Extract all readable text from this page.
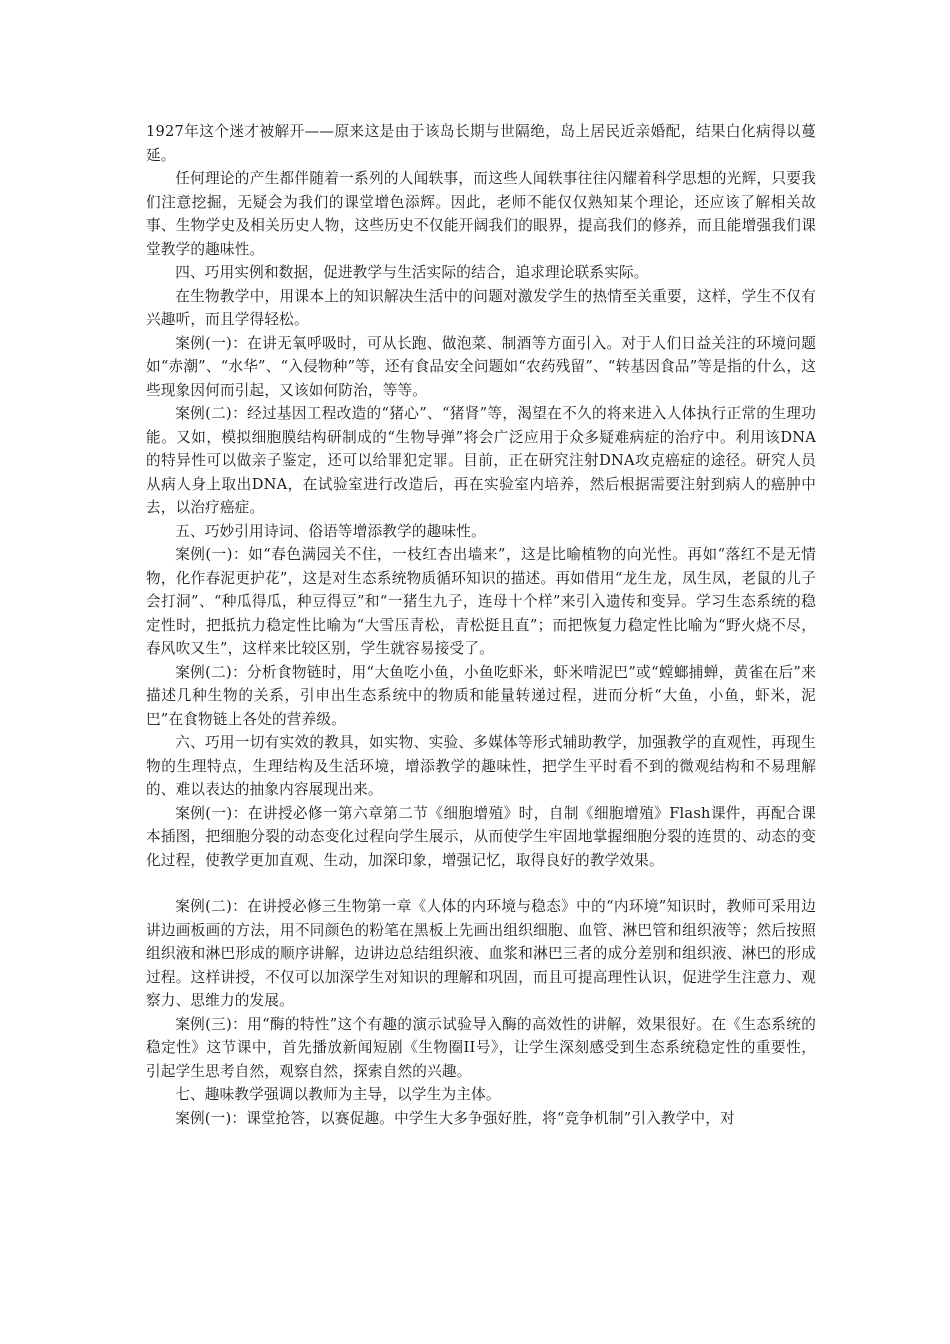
1927年这个迷才被解开——原来这是由于该岛长期与世隔绝，岛上居民近亲婚配，结果白化病得以蔓延。

任何理论的产生都伴随着一系列的人闻轶事，而这些人闻轶事往往闪耀着科学思想的光辉，只要我们注意挖掘，无疑会为我们的课堂增色添辉。因此，老师不能仅仅熟知某个理论，还应该了解相关故事、生物学史及相关历史人物，这些历史不仅能开阔我们的眼界，提高我们的修养，而且能增强我们课堂教学的趣味性。

四、巧用实例和数据，促进教学与生活实际的结合，追求理论联系实际。

在生物教学中，用课本上的知识解决生活中的问题对激发学生的热情至关重要，这样，学生不仅有兴趣听，而且学得轻松。

案例(一)：在讲无氧呼吸时，可从长跑、做泡菜、制酒等方面引入。对于人们日益关注的环境问题如“赤潮”、“水华”、“入侵物种”等，还有食品安全问题如“农药残留”、“转基因食品”等是指的什么，这些现象因何而引起，又该如何防治，等等。

案例(二)：经过基因工程改造的“猪心”、“猪肾”等，渴望在不久的将来进入人体执行正常的生理功能。又如，模拟细胞膜结构研制成的“生物导弹”将会广泛应用于众多疑难病症的治疗中。利用该DNA的特异性可以做亲子鉴定，还可以给罪犯定罪。目前，正在研究注射DNA攻克癌症的途径。研究人员从病人身上取出DNA，在试验室进行改造后，再在实验室内培养，然后根据需要注射到病人的癌肿中去，以治疗癌症。

五、巧妙引用诗词、俗语等增添教学的趣味性。

案例(一)：如“春色满园关不住，一枝红杏出墙来”，这是比喻植物的向光性。再如“落红不是无情物，化作春泥更护花”，这是对生态系统物质循环知识的描述。再如借用“龙生龙，凤生凤，老鼠的儿子会打洞”、“种瓜得瓜，种豆得豆”和“一猪生九子，连母十个样”来引入遗传和变异。学习生态系统的稳定性时，把抵抗力稳定性比喻为“大雪压青松，青松挺且直”；而把恢复力稳定性比喻为“野火烧不尽，春风吹又生”，这样来比较区别，学生就容易接受了。

案例(二)：分析食物链时，用“大鱼吃小鱼，小鱼吃虾米，虾米啃泥巴”或“螳螂捕蝉，黄雀在后”来描述几种生物的关系，引申出生态系统中的物质和能量转递过程，进而分析“大鱼，小鱼，虾米，泥巴”在食物链上各处的营养级。

六、巧用一切有实效的教具，如实物、实验、多媒体等形式辅助教学，加强教学的直观性，再现生物的生理特点，生理结构及生活环境，增添教学的趣味性，把学生平时看不到的微观结构和不易理解的、难以表达的抽象内容展现出来。

案例(一)：在讲授必修一第六章第二节《细胞增殖》时，自制《细胞增殖》Flash课件，再配合课本插图，把细胞分裂的动态变化过程向学生展示，从而使学生牢固地掌握细胞分裂的连贯的、动态的变化过程，使教学更加直观、生动，加深印象，增强记忆，取得良好的教学效果。

案例(二)：在讲授必修三生物第一章《人体的内环境与稳态》中的“内环境”知识时，教师可采用边讲边画板画的方法，用不同颜色的粉笔在黑板上先画出组织细胞、血管、淋巴管和组织液等；然后按照组织液和淋巴形成的顺序讲解，边讲边总结组织液、血浆和淋巴三者的成分差别和组织液、淋巴的形成过程。这样讲授，不仅可以加深学生对知识的理解和巩固，而且可提高理性认识，促进学生注意力、观察力、思维力的发展。

案例(三)：用“酶的特性”这个有趣的演示试验导入酶的高效性的讲解，效果很好。在《生态系统的稳定性》这节课中，首先播放新闻短剧《生物圈II号》，让学生深刻感受到生态系统稳定性的重要性，引起学生思考自然，观察自然，探索自然的兴趣。

七、趣味教学强调以教师为主导，以学生为主体。

案例(一)：课堂抢答，以赛促趣。中学生大多争强好胜，将“竞争机制”引入教学中，对
